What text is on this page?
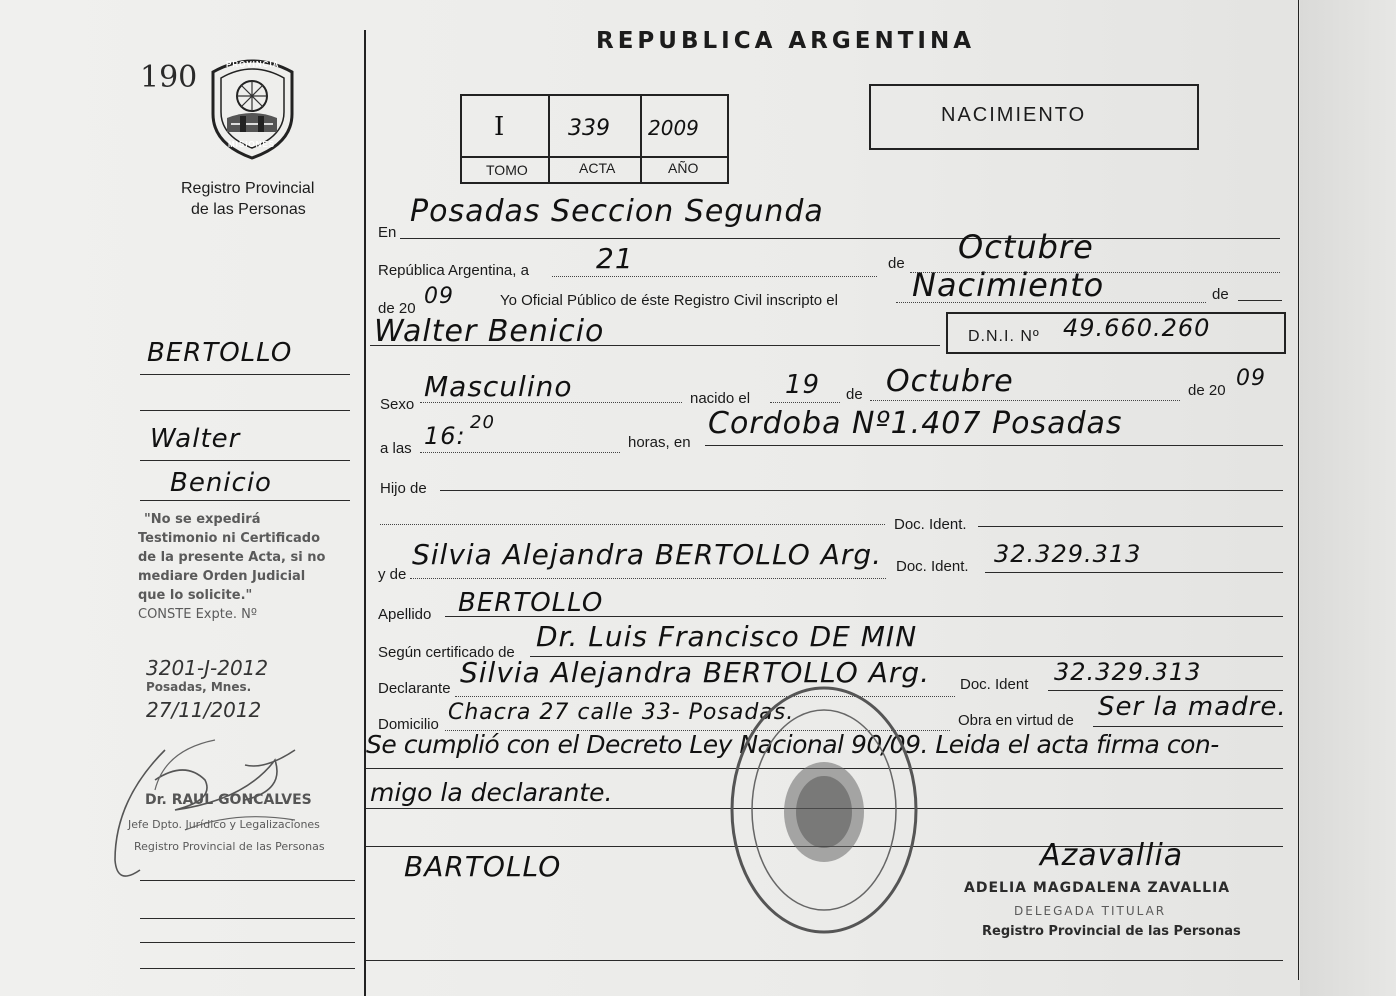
190	PROVINCIA
MISIONES
Registro Provincial
de las Personas
BERTOLLO
Walter
Benicio
"No se expedirá
Testimonio ni Certificado
de la presente Acta, si no
mediare Orden Judicial
que lo solicite."
CONSTE Expte. Nº
3201-J-2012
Posadas, Mnes.
27/11/2012
Dr. RAUL GONCALVES
Jefe Dpto. Jurídico y Legalizaciones
Registro Provincial de las Personas
REPUBLICA ARGENTINA
I	339 2009
TOMO	ACTA	AÑO
NACIMIENTO
En
Posadas Seccion Segunda
República Argentina, a 21	de Octubre
de 20 09	Yo Oficial Público de éste Registro Civil inscripto el Nacimiento	de
Walter Benicio	D.N.I. Nº 49.660.260
Sexo
Masculino	nacido el 19 de Octubre	de 20 09
a las 16: 20
horas, en
Cordoba Nº1.407 Posadas
Hijo de
Doc. Ident.
y de
Silvia Alejandra BERTOLLO Arg. Doc. Ident. 32.329.313
Apellido BERTOLLO
Según certificado de Dr. Luis Francisco DE MIN
Declarante Silvia Alejandra BERTOLLO Arg. Doc. Ident 32.329.313
Domicilio Chacra 27 calle 33- Posadas.	Obra en virtud de Ser la madre.
Se cumplió con el Decreto Ley Nacional 90/09. Leida el acta firma con-
migo la declarante.
BARTOLLO	Azavallia
ADELIA MAGDALENA ZAVALLIA
DELEGADA TITULAR
Registro Provincial de las Personas
